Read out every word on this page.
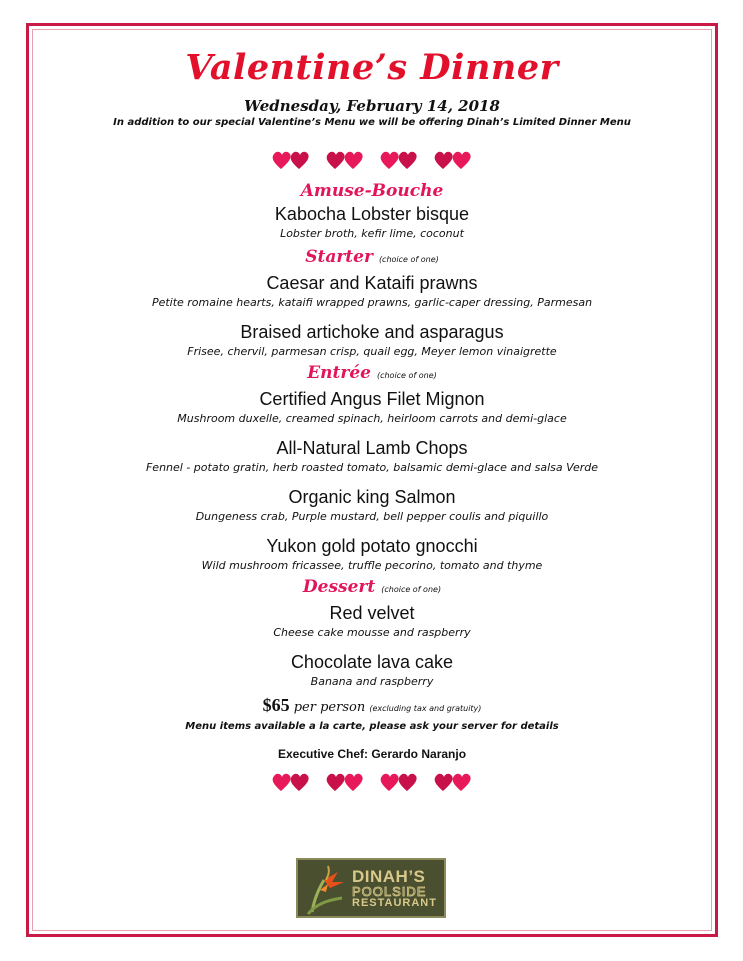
Valentine’s Dinner
Wednesday, February 14, 2018
In addition to our special Valentine’s Menu we will be offering Dinah’s Limited Dinner Menu
Amuse-Bouche
Kabocha Lobster bisque
Lobster broth, kefir lime, coconut
Starter (choice of one)
Caesar and Kataifi prawns
Petite romaine hearts, kataifi wrapped prawns, garlic-caper dressing, Parmesan
Braised artichoke and asparagus
Frisee, chervil, parmesan crisp, quail egg, Meyer lemon vinaigrette
Entrée (choice of one)
Certified Angus Filet Mignon
Mushroom duxelle, creamed spinach, heirloom carrots and demi-glace
All-Natural Lamb Chops
Fennel - potato gratin, herb roasted tomato, balsamic demi-glace and salsa Verde
Organic king Salmon
Dungeness crab, Purple mustard, bell pepper coulis and piquillo
Yukon gold potato gnocchi
Wild mushroom fricassee, truffle pecorino, tomato and thyme
Dessert (choice of one)
Red velvet
Cheese cake mousse and raspberry
Chocolate lava cake
Banana and raspberry
$65 per person (excluding tax and gratuity)
Menu items available a la carte, please ask your server for details
Executive Chef: Gerardo Naranjo
DINAH’S
POOLSIDE
RESTAURANT
